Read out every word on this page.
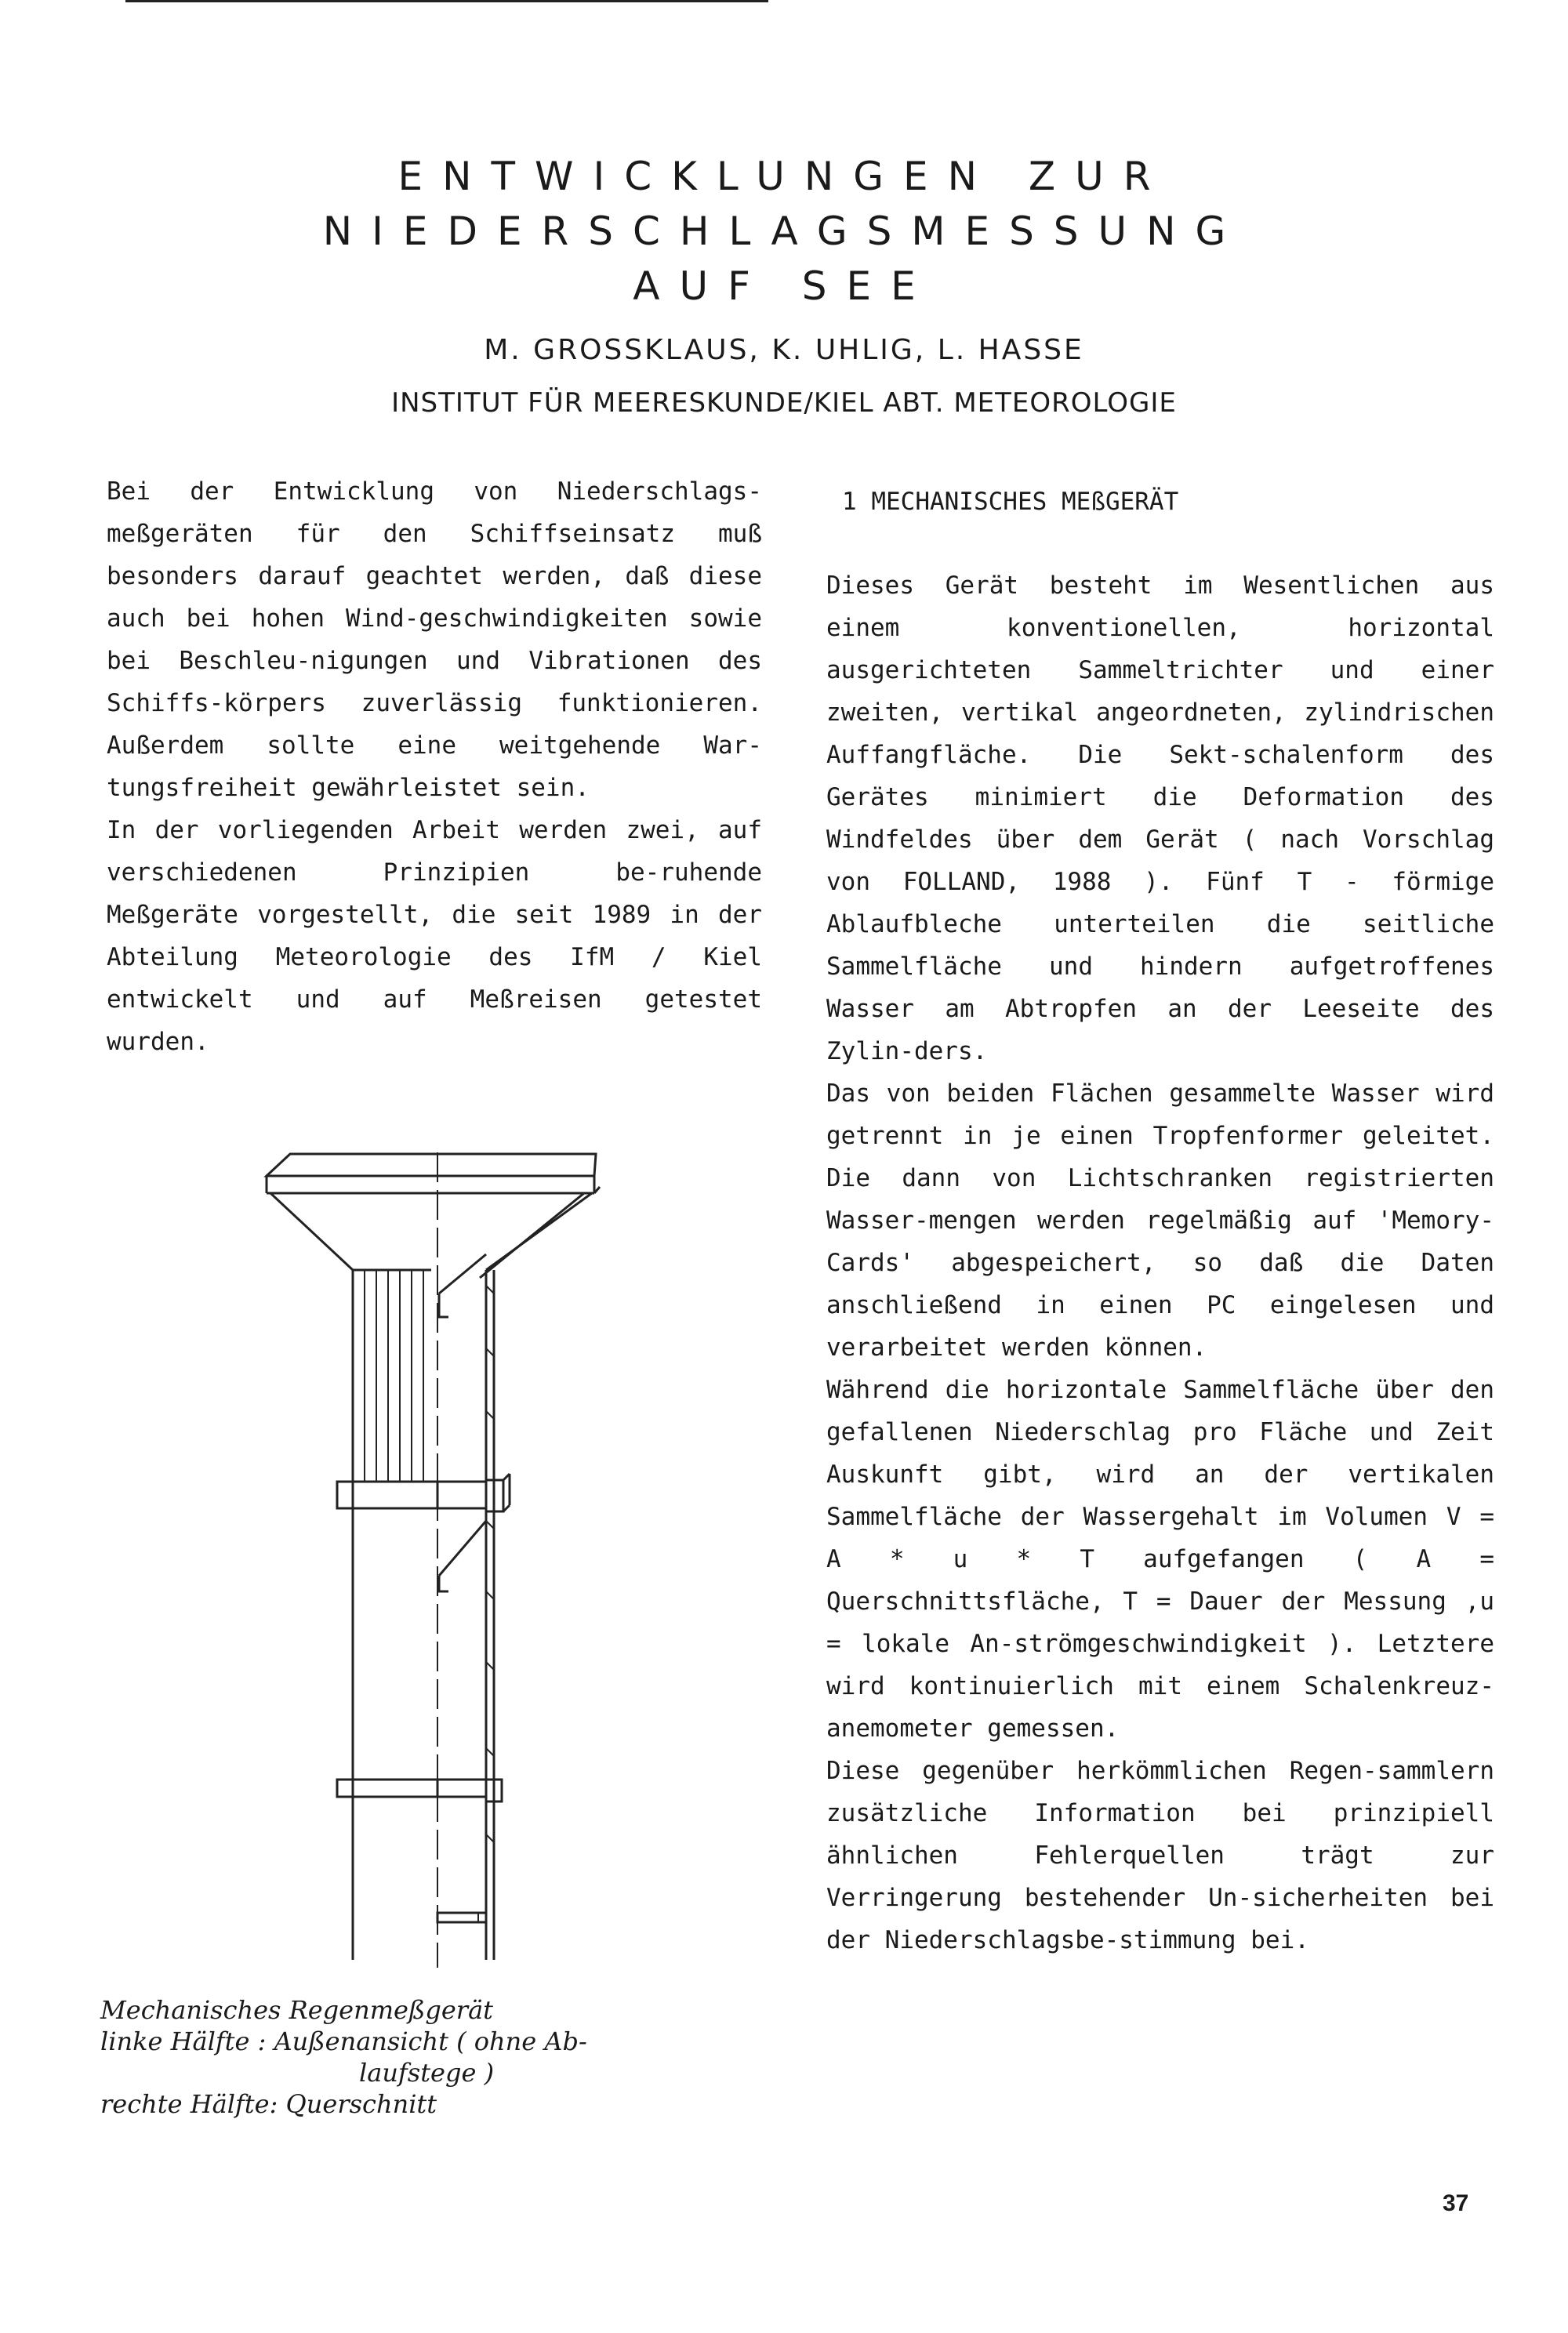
ENTWICKLUNGEN ZUR
NIEDERSCHLAGSMESSUNG
AUF SEE
M. GROSSKLAUS, K. UHLIG, L. HASSE
INSTITUT FÜR MEERESKUNDE/KIEL ABT. METEOROLOGIE

Bei der Entwicklung von Niederschlags-meßgeräten für den Schiffseinsatz muß besonders darauf geachtet werden, daß diese auch bei hohen Wind-geschwindigkeiten sowie bei Beschleu-nigungen und Vibrationen des Schiffs-körpers zuverlässig funktionieren. Außerdem sollte eine weitgehende War-tungsfreiheit gewährleistet sein.

In der vorliegenden Arbeit werden zwei, auf verschiedenen Prinzipien be-ruhende Meßgeräte vorgestellt, die seit 1989 in der Abteilung Meteorologie des IfM / Kiel entwickelt und auf Meßreisen getestet wurden.

1 MECHANISCHES MEßGERÄT

Dieses Gerät besteht im Wesentlichen aus einem konventionellen, horizontal ausgerichteten Sammeltrichter und einer zweiten, vertikal angeordneten, zylindrischen Auffangfläche. Die Sekt-schalenform des Gerätes minimiert die Deformation des Windfeldes über dem Gerät ( nach Vorschlag von FOLLAND, 1988 ). Fünf T - förmige Ablaufbleche unterteilen die seitliche Sammelfläche und hindern aufgetroffenes Wasser am Abtropfen an der Leeseite des Zylin-ders.

Das von beiden Flächen gesammelte Wasser wird getrennt in je einen Tropfenformer geleitet. Die dann von Lichtschranken registrierten Wasser-mengen werden regelmäßig auf 'Memory-Cards' abgespeichert, so daß die Daten anschließend in einen PC eingelesen und verarbeitet werden können.

Während die horizontale Sammelfläche über den gefallenen Niederschlag pro Fläche und Zeit Auskunft gibt, wird an der vertikalen Sammelfläche der Wassergehalt im Volumen V = A * u * T aufgefangen ( A = Querschnittsfläche, T = Dauer der Messung ,u = lokale An-strömgeschwindigkeit ). Letztere wird kontinuierlich mit einem Schalenkreuz-anemometer gemessen.

Diese gegenüber herkömmlichen Regen-sammlern zusätzliche Information bei prinzipiell ähnlichen Fehlerquellen trägt zur Verringerung bestehender Un-sicherheiten bei der Niederschlagsbe-stimmung bei.

Mechanisches Regenmeßgerät
linke Hälfte : Außenansicht ( ohne Ab-
laufstege )
rechte Hälfte: Querschnitt
37
